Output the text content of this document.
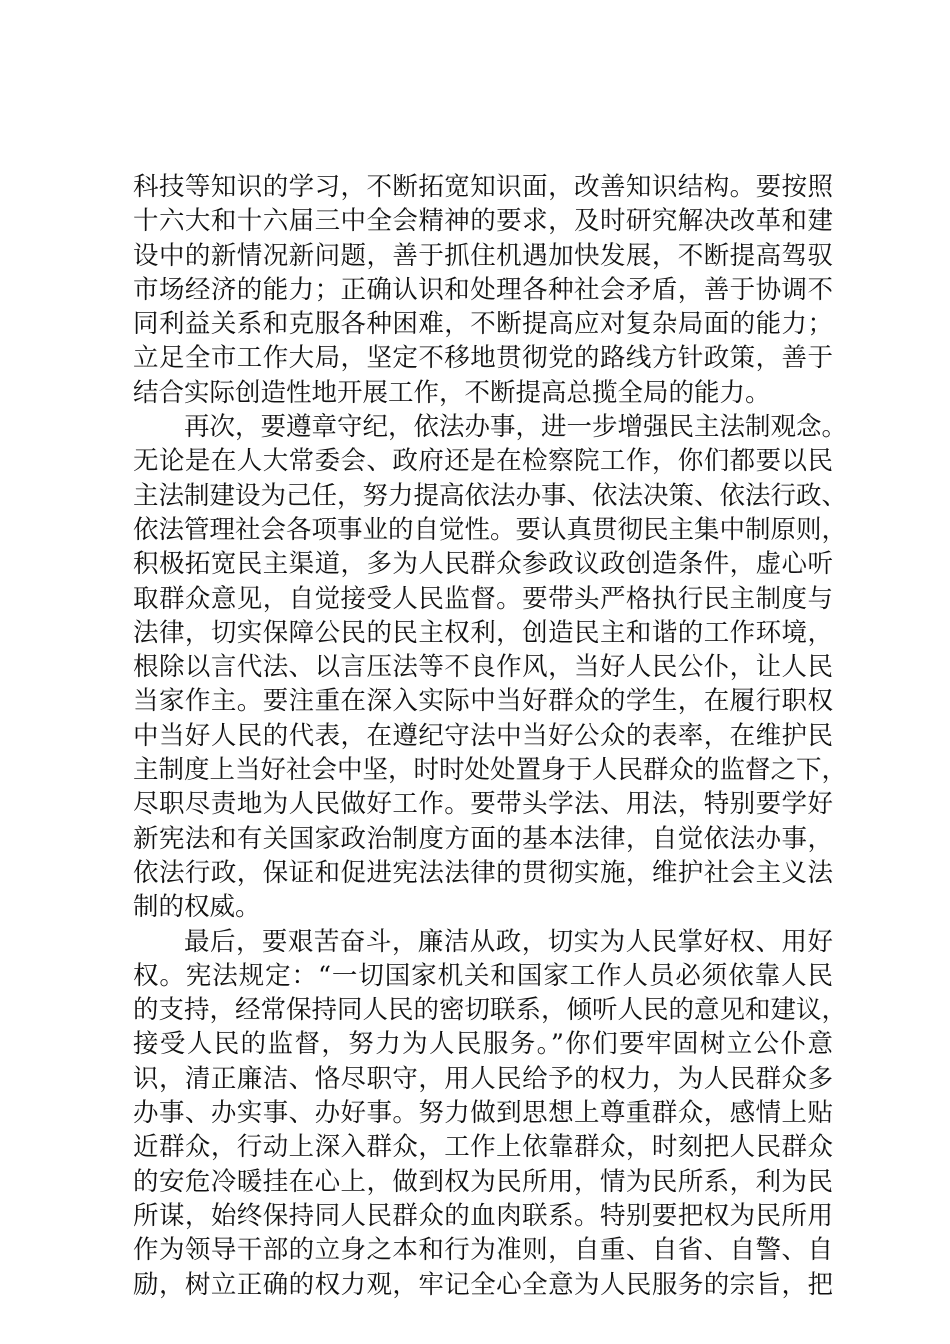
科技等知识的学习，不断拓宽知识面，改善知识结构。要按照
十六大和十六届三中全会精神的要求，及时研究解决改革和建
设中的新情况新问题，善于抓住机遇加快发展，不断提高驾驭
市场经济的能力；正确认识和处理各种社会矛盾，善于协调不
同利益关系和克服各种困难，不断提高应对复杂局面的能力；
立足全市工作大局，坚定不移地贯彻党的路线方针政策，善于
结合实际创造性地开展工作，不断提高总揽全局的能力。
再次，要遵章守纪，依法办事，进一步增强民主法制观念。
无论是在人大常委会、政府还是在检察院工作，你们都要以民
主法制建设为己任，努力提高依法办事、依法决策、依法行政、
依法管理社会各项事业的自觉性。要认真贯彻民主集中制原则，
积极拓宽民主渠道，多为人民群众参政议政创造条件，虚心听
取群众意见，自觉接受人民监督。要带头严格执行民主制度与
法律，切实保障公民的民主权利，创造民主和谐的工作环境，
根除以言代法、以言压法等不良作风，当好人民公仆，让人民
当家作主。要注重在深入实际中当好群众的学生，在履行职权
中当好人民的代表，在遵纪守法中当好公众的表率，在维护民
主制度上当好社会中坚，时时处处置身于人民群众的监督之下，
尽职尽责地为人民做好工作。要带头学法、用法，特别要学好
新宪法和有关国家政治制度方面的基本法律，自觉依法办事，
依法行政，保证和促进宪法法律的贯彻实施，维护社会主义法
制的权威。
最后，要艰苦奋斗，廉洁从政，切实为人民掌好权、用好
权。宪法规定：“一切国家机关和国家工作人员必须依靠人民
的支持，经常保持同人民的密切联系，倾听人民的意见和建议，
接受人民的监督，努力为人民服务。”你们要牢固树立公仆意
识，清正廉洁、恪尽职守，用人民给予的权力，为人民群众多
办事、办实事、办好事。努力做到思想上尊重群众，感情上贴
近群众，行动上深入群众，工作上依靠群众，时刻把人民群众
的安危冷暖挂在心上，做到权为民所用，情为民所系，利为民
所谋，始终保持同人民群众的血肉联系。特别要把权为民所用
作为领导干部的立身之本和行为准则，自重、自省、自警、自
励，树立正确的权力观，牢记全心全意为人民服务的宗旨，把
